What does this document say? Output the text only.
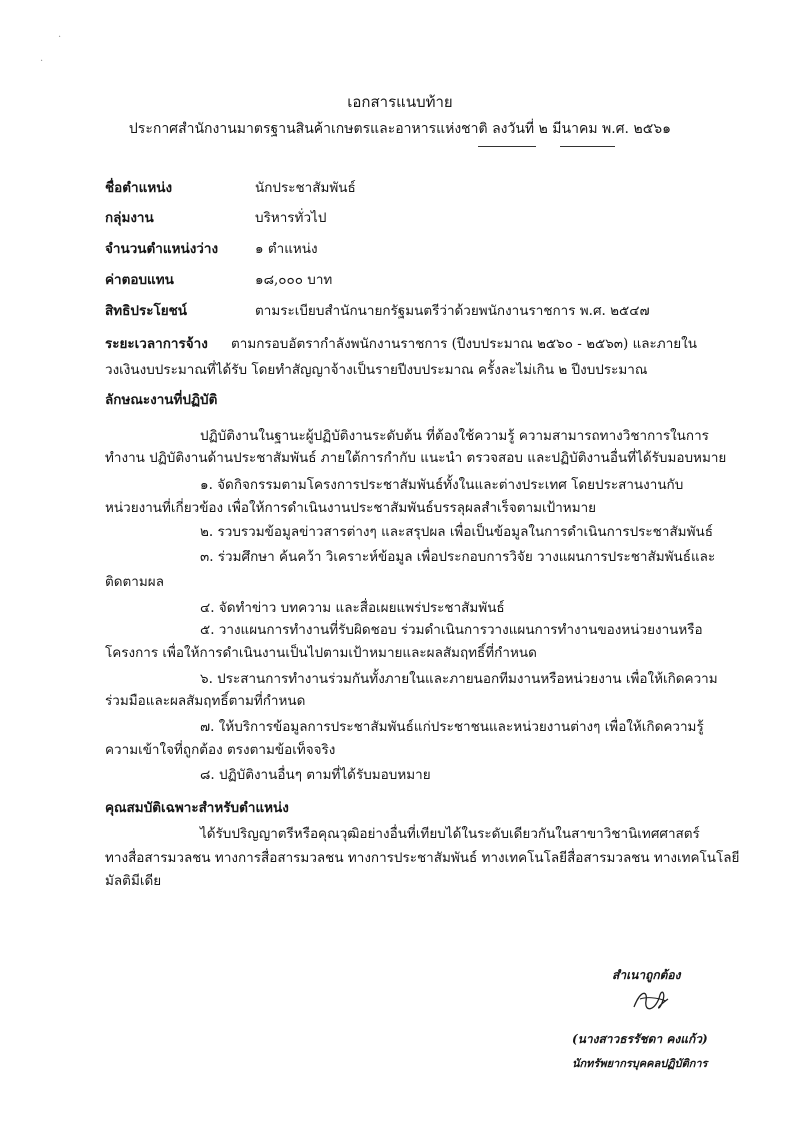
·
·
เอกสารแนบท้าย
ประกาศสำนักงานมาตรฐานสินค้าเกษตรและอาหารแห่งชาติ ลงวันที่ ๒ มีนาคม พ.ศ. ๒๕๖๑
ชื่อตำแหน่ง	นักประชาสัมพันธ์
กลุ่มงาน	บริหารทั่วไป
จำนวนตำแหน่งว่าง	๑ ตำแหน่ง
ค่าตอบแทน	๑๘,๐๐๐ บาท
สิทธิประโยชน์	ตามระเบียบสำนักนายกรัฐมนตรีว่าด้วยพนักงานราชการ พ.ศ. ๒๕๔๗
ระยะเวลาการจ้าง ตามกรอบอัตรากำลังพนักงานราชการ (ปีงบประมาณ ๒๕๖๐ - ๒๕๖๓) และภายใน
วงเงินงบประมาณที่ได้รับ โดยทำสัญญาจ้างเป็นรายปีงบประมาณ ครั้งละไม่เกิน ๒ ปีงบประมาณ
ลักษณะงานที่ปฏิบัติ
ปฏิบัติงานในฐานะผู้ปฏิบัติงานระดับต้น ที่ต้องใช้ความรู้ ความสามารถทางวิชาการในการ
ทำงาน ปฏิบัติงานด้านประชาสัมพันธ์ ภายใต้การกำกับ แนะนำ ตรวจสอบ และปฏิบัติงานอื่นที่ได้รับมอบหมาย
๑. จัดกิจกรรมตามโครงการประชาสัมพันธ์ทั้งในและต่างประเทศ โดยประสานงานกับ
หน่วยงานที่เกี่ยวข้อง เพื่อให้การดำเนินงานประชาสัมพันธ์บรรลุผลสำเร็จตามเป้าหมาย
๒. รวบรวมข้อมูลข่าวสารต่างๆ และสรุปผล เพื่อเป็นข้อมูลในการดำเนินการประชาสัมพันธ์
๓. ร่วมศึกษา ค้นคว้า วิเคราะห์ข้อมูล เพื่อประกอบการวิจัย วางแผนการประชาสัมพันธ์และ
ติดตามผล
๔. จัดทำข่าว บทความ และสื่อเผยแพร่ประชาสัมพันธ์
๕. วางแผนการทำงานที่รับผิดชอบ ร่วมดำเนินการวางแผนการทำงานของหน่วยงานหรือ
โครงการ เพื่อให้การดำเนินงานเป็นไปตามเป้าหมายและผลสัมฤทธิ์ที่กำหนด
๖. ประสานการทำงานร่วมกันทั้งภายในและภายนอกทีมงานหรือหน่วยงาน เพื่อให้เกิดความ
ร่วมมือและผลสัมฤทธิ์ตามที่กำหนด
๗. ให้บริการข้อมูลการประชาสัมพันธ์แก่ประชาชนและหน่วยงานต่างๆ เพื่อให้เกิดความรู้
ความเข้าใจที่ถูกต้อง ตรงตามข้อเท็จจริง
๘. ปฏิบัติงานอื่นๆ ตามที่ได้รับมอบหมาย
คุณสมบัติเฉพาะสำหรับตำแหน่ง
ได้รับปริญญาตรีหรือคุณวุฒิอย่างอื่นที่เทียบได้ในระดับเดียวกันในสาขาวิชานิเทศศาสตร์
ทางสื่อสารมวลชน ทางการสื่อสารมวลชน ทางการประชาสัมพันธ์ ทางเทคโนโลยีสื่อสารมวลชน ทางเทคโนโลยี
มัลติมีเดีย
สำเนาถูกต้อง
(นางสาวธรรัชดา คงแก้ว)
นักทรัพยากรบุคคลปฏิบัติการ
